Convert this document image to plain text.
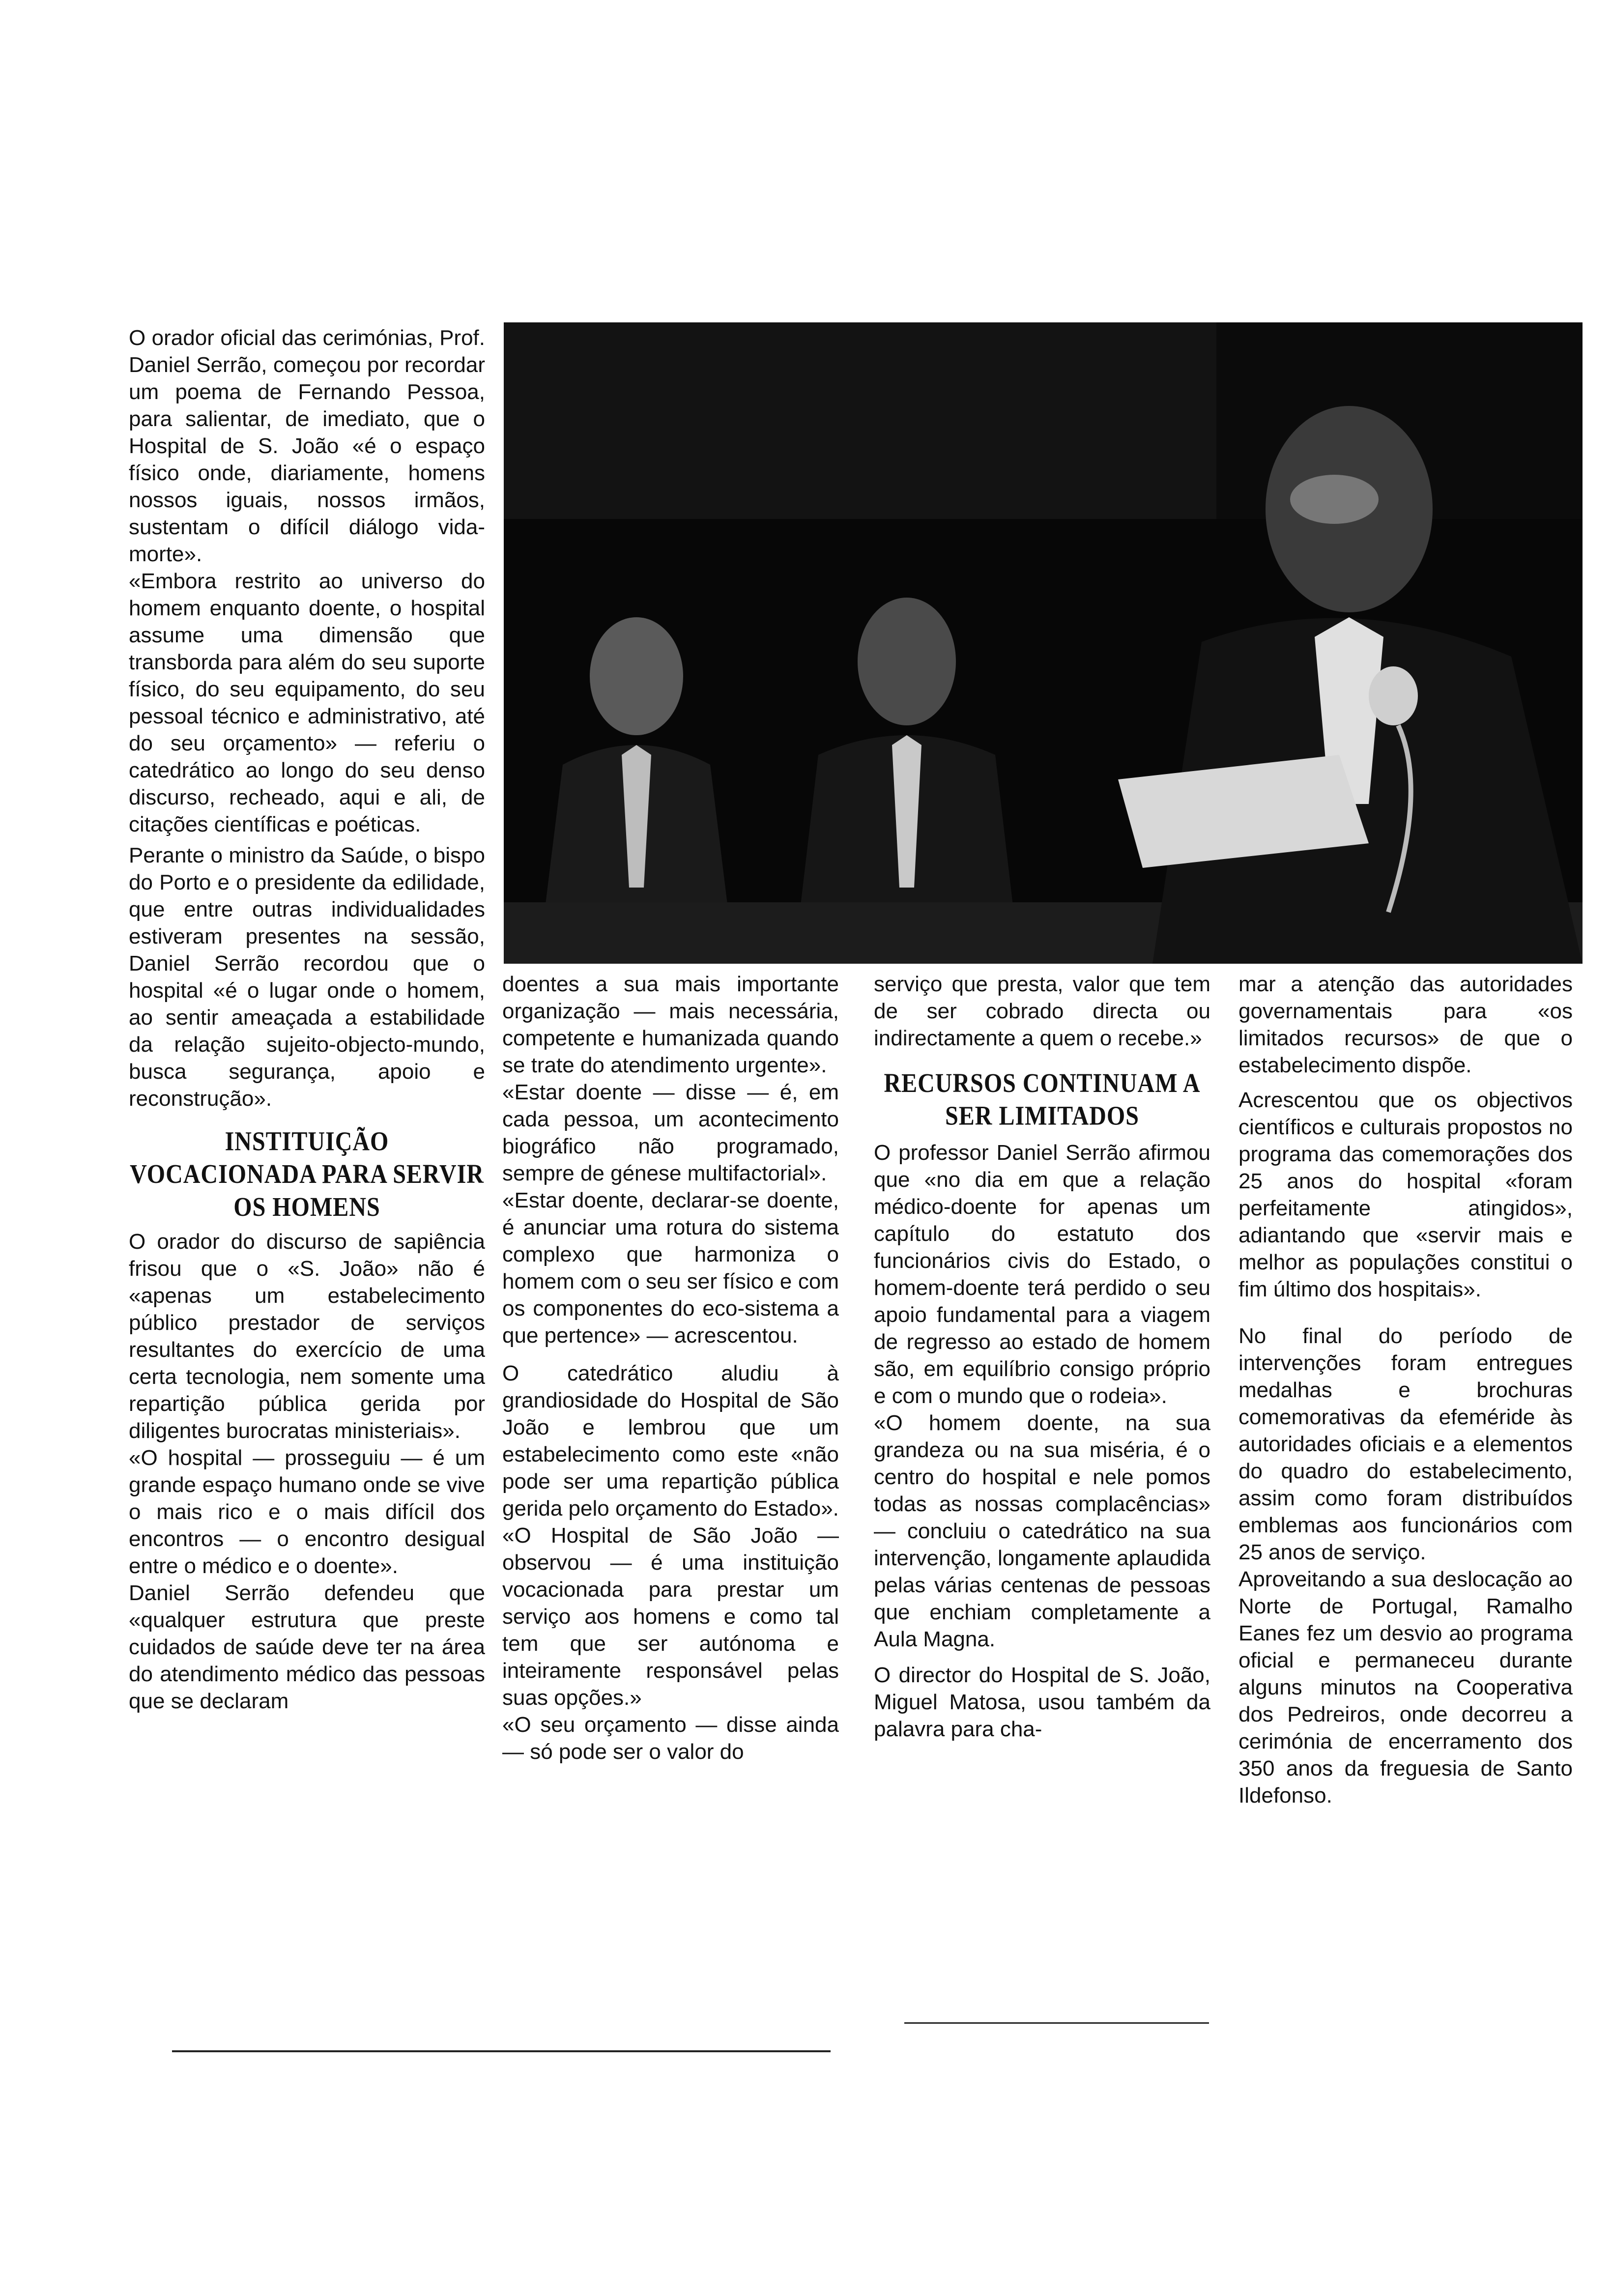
O orador oficial das cerimónias, Prof. Daniel Serrão, começou por recordar um poema de Fernando Pessoa, para salientar, de imediato, que o Hospital de S. João «é o espaço físico onde, diariamente, homens nossos iguais, nossos irmãos, sustentam o difícil diálogo vida-morte».

«Embora restrito ao universo do homem enquanto doente, o hospital assume uma dimensão que transborda para além do seu suporte físico, do seu equipamento, do seu pessoal técnico e administrativo, até do seu orçamento» — referiu o catedrático ao longo do seu denso discurso, recheado, aqui e ali, de citações científicas e poéticas.

Perante o ministro da Saúde, o bispo do Porto e o presidente da edilidade, que entre outras individualidades estiveram presentes na sessão, Daniel Serrão recordou que o hospital «é o lugar onde o homem, ao sentir ameaçada a estabilidade da relação sujeito-objecto-mundo, busca segurança, apoio e reconstrução».

INSTITUIÇÃO VOCACIONADA PARA SERVIR OS HOMENS

O orador do discurso de sapiência frisou que o «S. João» não é «apenas um estabelecimento público prestador de serviços resultantes do exercício de uma certa tecnologia, nem somente uma repartição pública gerida por diligentes burocratas ministeriais».

«O hospital — prosseguiu — é um grande espaço humano onde se vive o mais rico e o mais difícil dos encontros — o encontro desigual entre o médico e o doente».

Daniel Serrão defendeu que «qualquer estrutura que preste cuidados de saúde deve ter na área do atendimento médico das pessoas que se declaram

doentes a sua mais importante organização — mais necessária, competente e humanizada quando se trate do atendimento urgente».

«Estar doente — disse — é, em cada pessoa, um acontecimento biográfico não programado, sempre de génese multifactorial».

«Estar doente, declarar-se doente, é anunciar uma rotura do sistema complexo que harmoniza o homem com o seu ser físico e com os componentes do eco-sistema a que pertence» — acrescentou.

O catedrático aludiu à grandiosidade do Hospital de São João e lembrou que um estabelecimento como este «não pode ser uma repartição pública gerida pelo orçamento do Estado».

«O Hospital de São João — observou — é uma instituição vocacionada para prestar um serviço aos homens e como tal tem que ser autónoma e inteiramente responsável pelas suas opções.»

«O seu orçamento — disse ainda — só pode ser o valor do

serviço que presta, valor que tem de ser cobrado directa ou indirectamente a quem o recebe.»

RECURSOS CONTINUAM A SER LIMITADOS

O professor Daniel Serrão afirmou que «no dia em que a relação médico-doente for apenas um capítulo do estatuto dos funcionários civis do Estado, o homem-doente terá perdido o seu apoio fundamental para a viagem de regresso ao estado de homem são, em equilíbrio consigo próprio e com o mundo que o rodeia».

«O homem doente, na sua grandeza ou na sua miséria, é o centro do hospital e nele pomos todas as nossas complacências» — concluiu o catedrático na sua intervenção, longamente aplaudida pelas várias centenas de pessoas que enchiam completamente a Aula Magna.

O director do Hospital de S. João, Miguel Matosa, usou também da palavra para cha-

mar a atenção das autoridades governamentais para «os limitados recursos» de que o estabelecimento dispõe.

Acrescentou que os objectivos científicos e culturais propostos no programa das comemorações dos 25 anos do hospital «foram perfeitamente atingidos», adiantando que «servir mais e melhor as populações constitui o fim último dos hospitais».

No final do período de intervenções foram entregues medalhas e brochuras comemorativas da efeméride às autoridades oficiais e a elementos do quadro do estabelecimento, assim como foram distribuídos emblemas aos funcionários com 25 anos de serviço.

Aproveitando a sua deslocação ao Norte de Portugal, Ramalho Eanes fez um desvio ao programa oficial e permaneceu durante alguns minutos na Cooperativa dos Pedreiros, onde decorreu a cerimónia de encerramento dos 350 anos da freguesia de Santo Ildefonso.
